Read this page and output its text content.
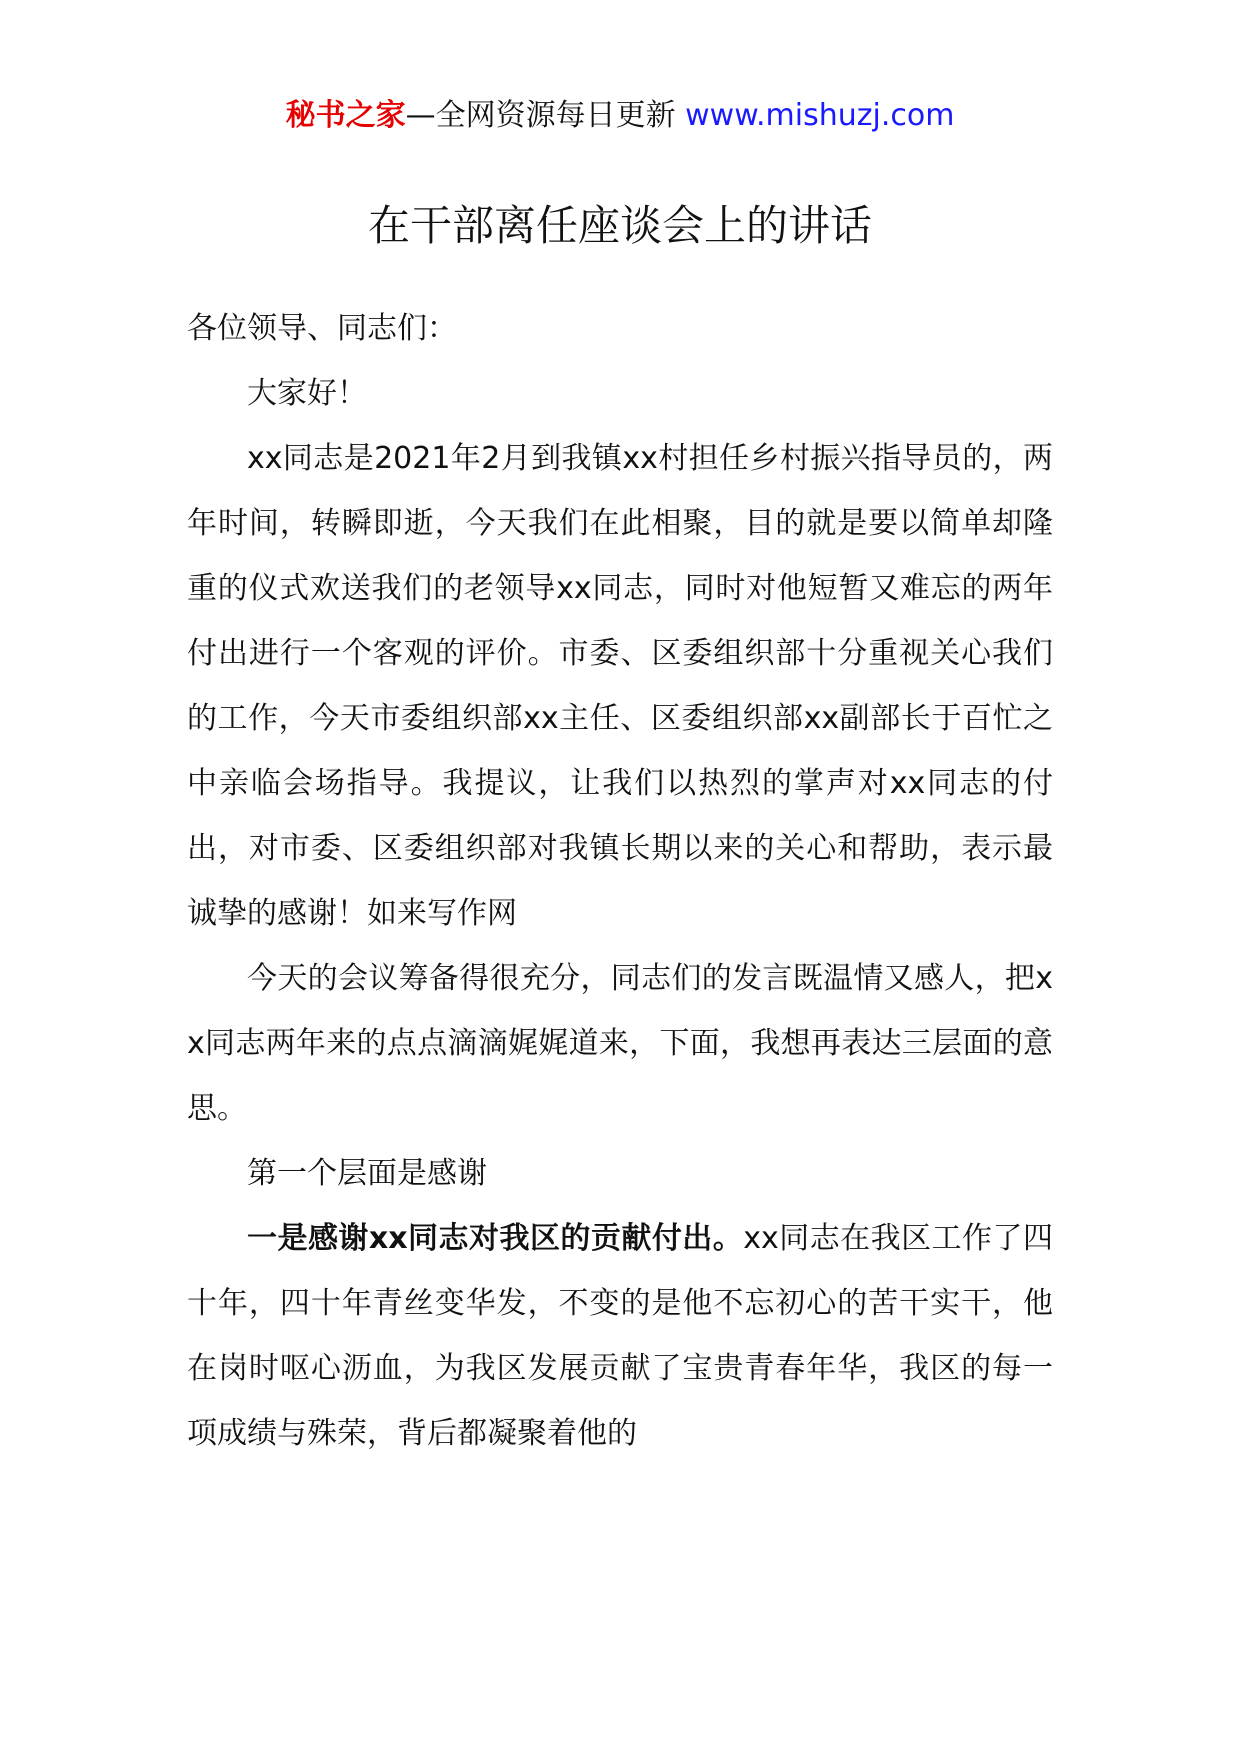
秘书之家—全网资源每日更新 www.mishuzj.com
在干部离任座谈会上的讲话

各位领导、同志们：

大家好！

xx同志是2021年2月到我镇xx村担任乡村振兴指导员的，两年时间，转瞬即逝，今天我们在此相聚，目的就是要以简单却隆重的仪式欢送我们的老领导xx同志，同时对他短暂又难忘的两年付出进行一个客观的评价。市委、区委组织部十分重视关心我们的工作，今天市委组织部xx主任、区委组织部xx副部长于百忙之中亲临会场指导。我提议，让我们以热烈的掌声对xx同志的付出，对市委、区委组织部对我镇长期以来的关心和帮助，表示最诚挚的感谢！如来写作网

今天的会议筹备得很充分，同志们的发言既温情又感人，把xx同志两年来的点点滴滴娓娓道来，下面，我想再表达三层面的意思。

第一个层面是感谢

一是感谢xx同志对我区的贡献付出。xx同志在我区工作了四十年，四十年青丝变华发，不变的是他不忘初心的苦干实干，他在岗时呕心沥血，为我区发展贡献了宝贵青春年华，我区的每一项成绩与殊荣，背后都凝聚着他的
